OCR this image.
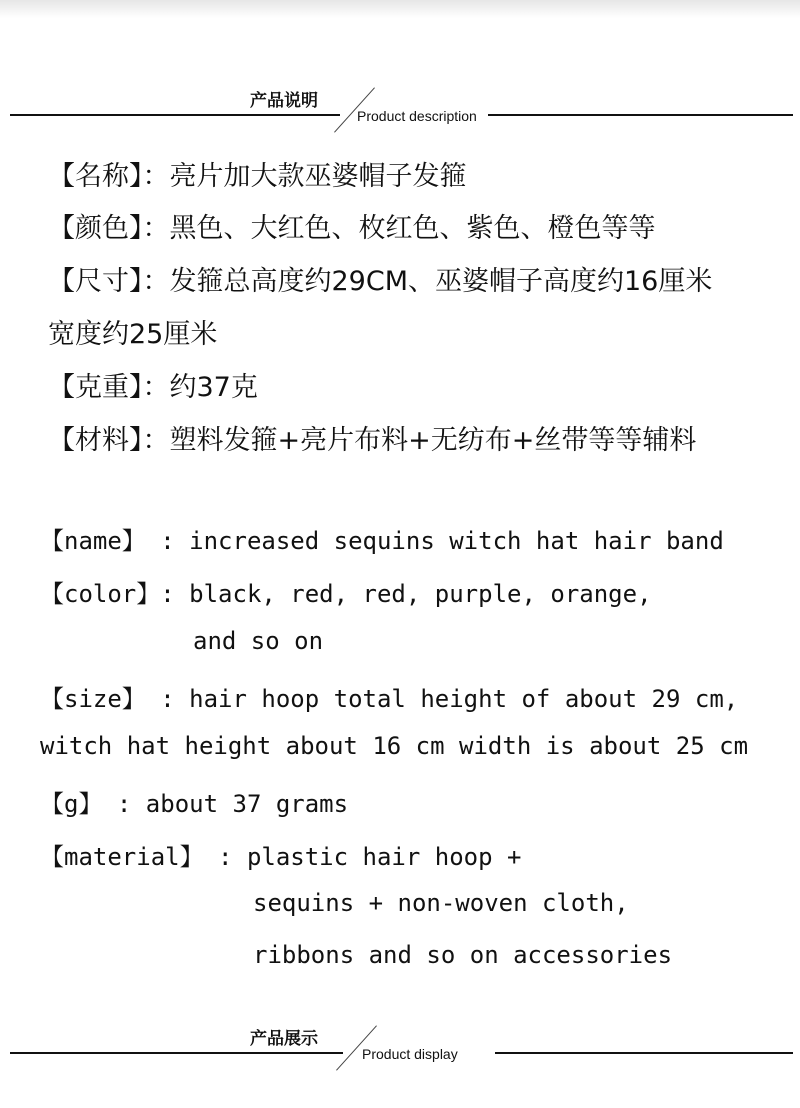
产品说明
Product description
【名称】：亮片加大款巫婆帽子发箍
【颜色】：黑色、大红色、枚红色、紫色、橙色等等
【尺寸】：发箍总高度约29CM、巫婆帽子高度约16厘米
宽度约25厘米
【克重】：约37克
【材料】：塑料发箍+亮片布料+无纺布+丝带等等辅料
【name】 : increased sequins witch hat hair band
【color】: black, red, red, purple, orange,
and so on
【size】 : hair hoop total height of about 29 cm,
witch hat height about 16 cm width is about 25 cm
【g】 : about 37 grams
【material】 : plastic hair hoop +
sequins + non-woven cloth,
ribbons and so on accessories
产品展示
Product display
